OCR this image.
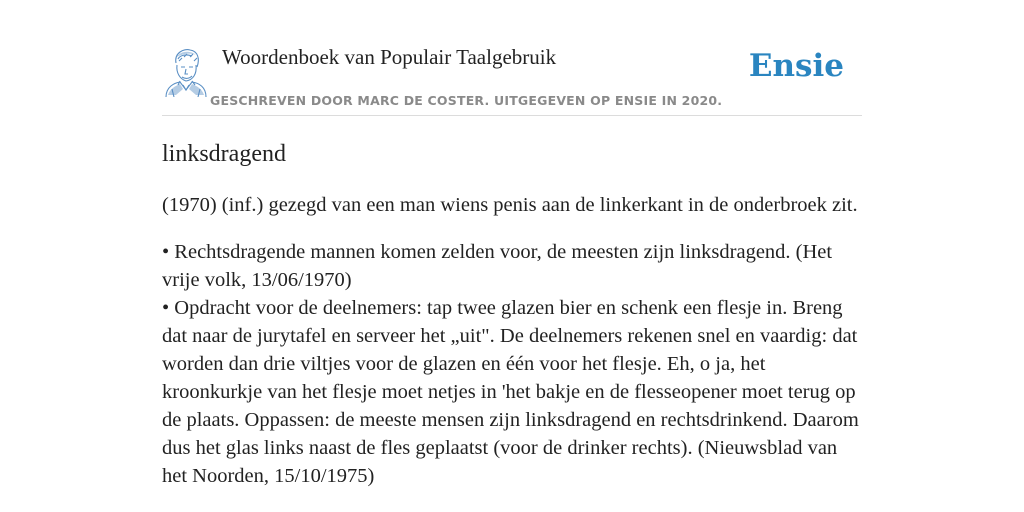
Woordenboek van Populair Taalgebruik
GESCHREVEN DOOR MARC DE COSTER. UITGEGEVEN OP ENSIE IN 2020.
Ensie
linksdragend

(1970) (inf.) gezegd van een man wiens penis aan de linkerkant in de onderbroek zit.

• Rechtsdragende mannen komen zelden voor, de meesten zijn linksdragend. (Het vrije volk, 13/06/1970)
• Opdracht voor de deelnemers: tap twee glazen bier en schenk een flesje in. Breng dat naar de jurytafel en serveer het „uit". De deelnemers rekenen snel en vaardig: dat worden dan drie viltjes voor de glazen en één voor het flesje. Eh, o ja, het kroonkurkje van het flesje moet netjes in 'het bakje en de flesseopener moet terug op de plaats. Oppassen: de meeste mensen zijn linksdragend en rechtsdrinkend. Daarom dus het glas links naast de fles geplaatst (voor de drinker rechts). (Nieuwsblad van het Noorden, 15/10/1975)
